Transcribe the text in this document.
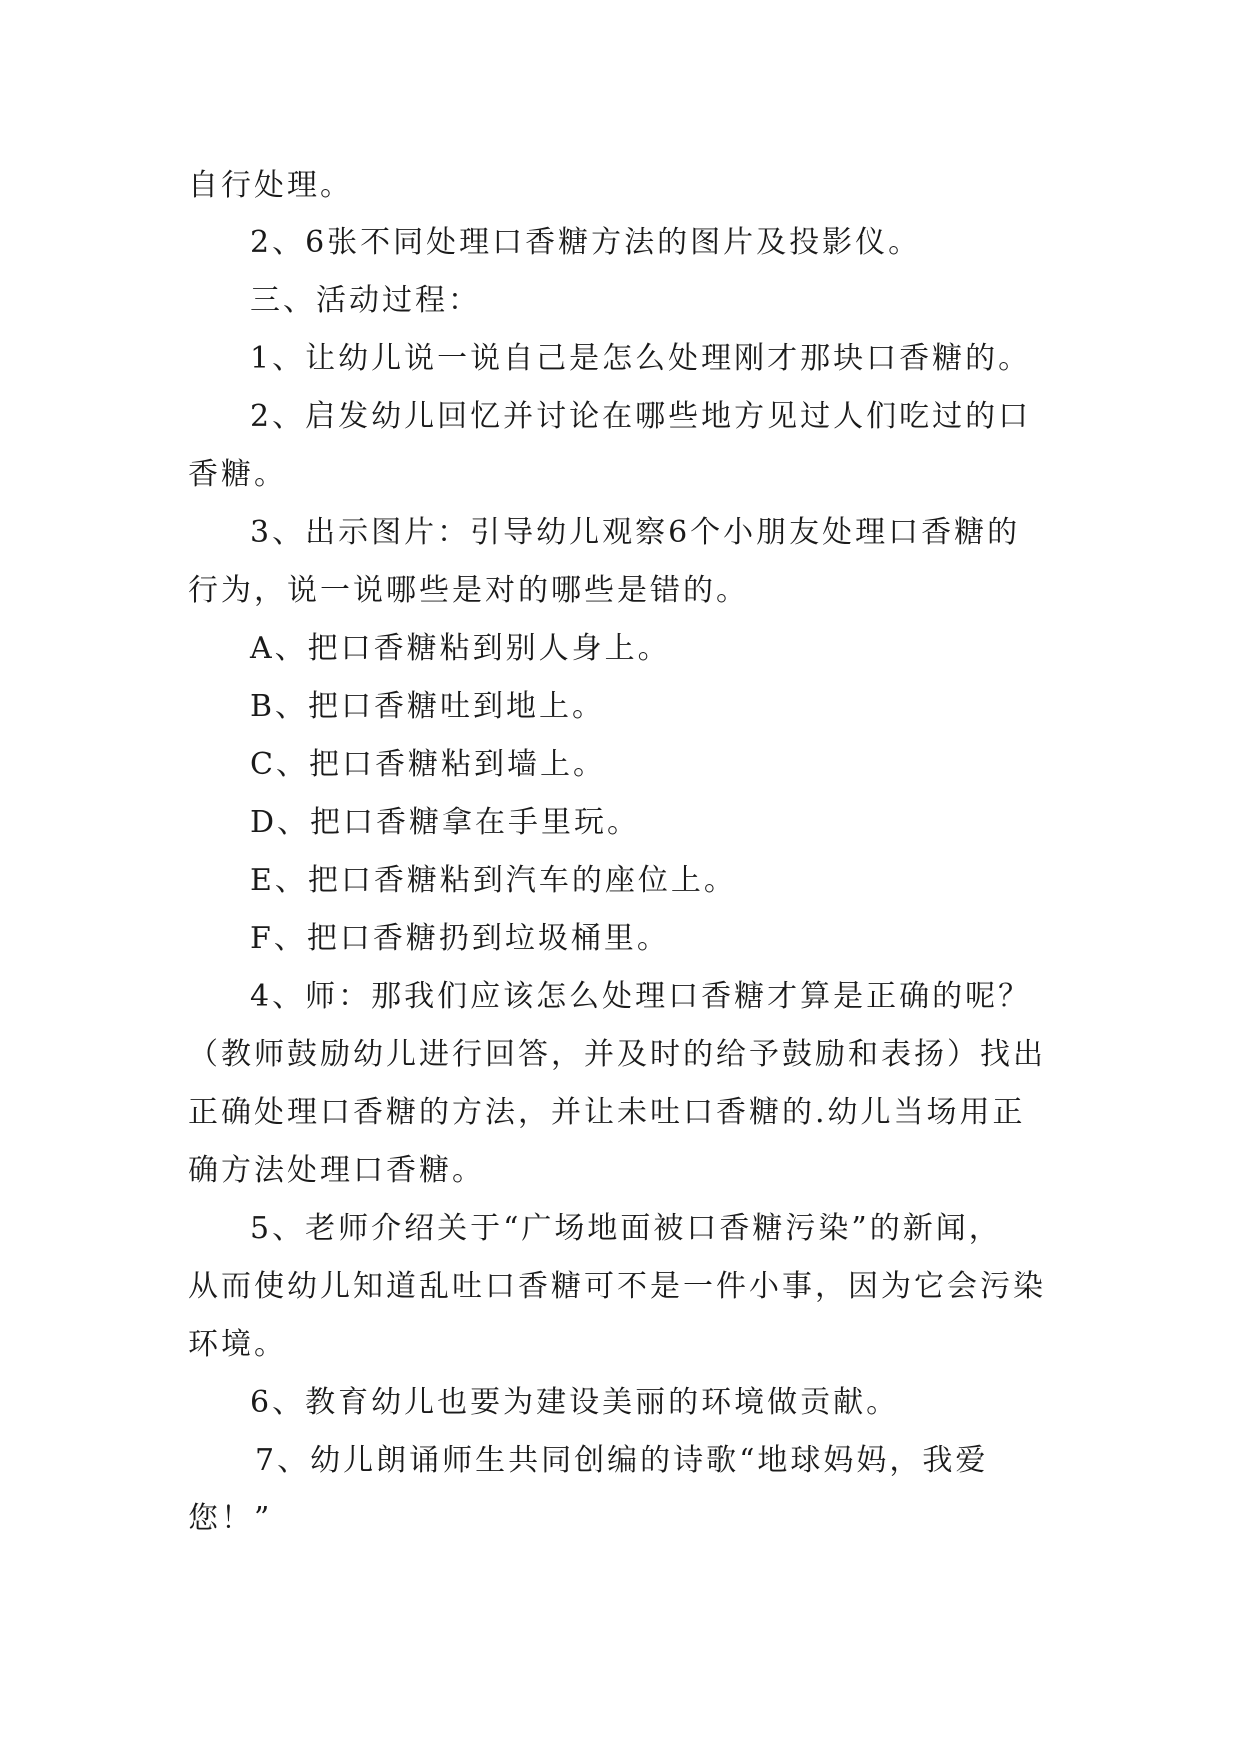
自行处理。
2、6张不同处理口香糖方法的图片及投影仪。
三、活动过程：
1、让幼儿说一说自己是怎么处理刚才那块口香糖的。
2、启发幼儿回忆并讨论在哪些地方见过人们吃过的口
香糖。
3、出示图片：引导幼儿观察6个小朋友处理口香糖的
行为，说一说哪些是对的哪些是错的。
A、把口香糖粘到别人身上。
B、把口香糖吐到地上。
C、把口香糖粘到墙上。
D、把口香糖拿在手里玩。
E、把口香糖粘到汽车的座位上。
F、把口香糖扔到垃圾桶里。
4、师：那我们应该怎么处理口香糖才算是正确的呢？
（教师鼓励幼儿进行回答，并及时的给予鼓励和表扬）找出
正确处理口香糖的方法，并让未吐口香糖的.幼儿当场用正
确方法处理口香糖。
5、老师介绍关于“广场地面被口香糖污染”的新闻，
从而使幼儿知道乱吐口香糖可不是一件小事，因为它会污染
环境。
6、教育幼儿也要为建设美丽的环境做贡献。
7、幼儿朗诵师生共同创编的诗歌“地球妈妈，我爱
您！”
